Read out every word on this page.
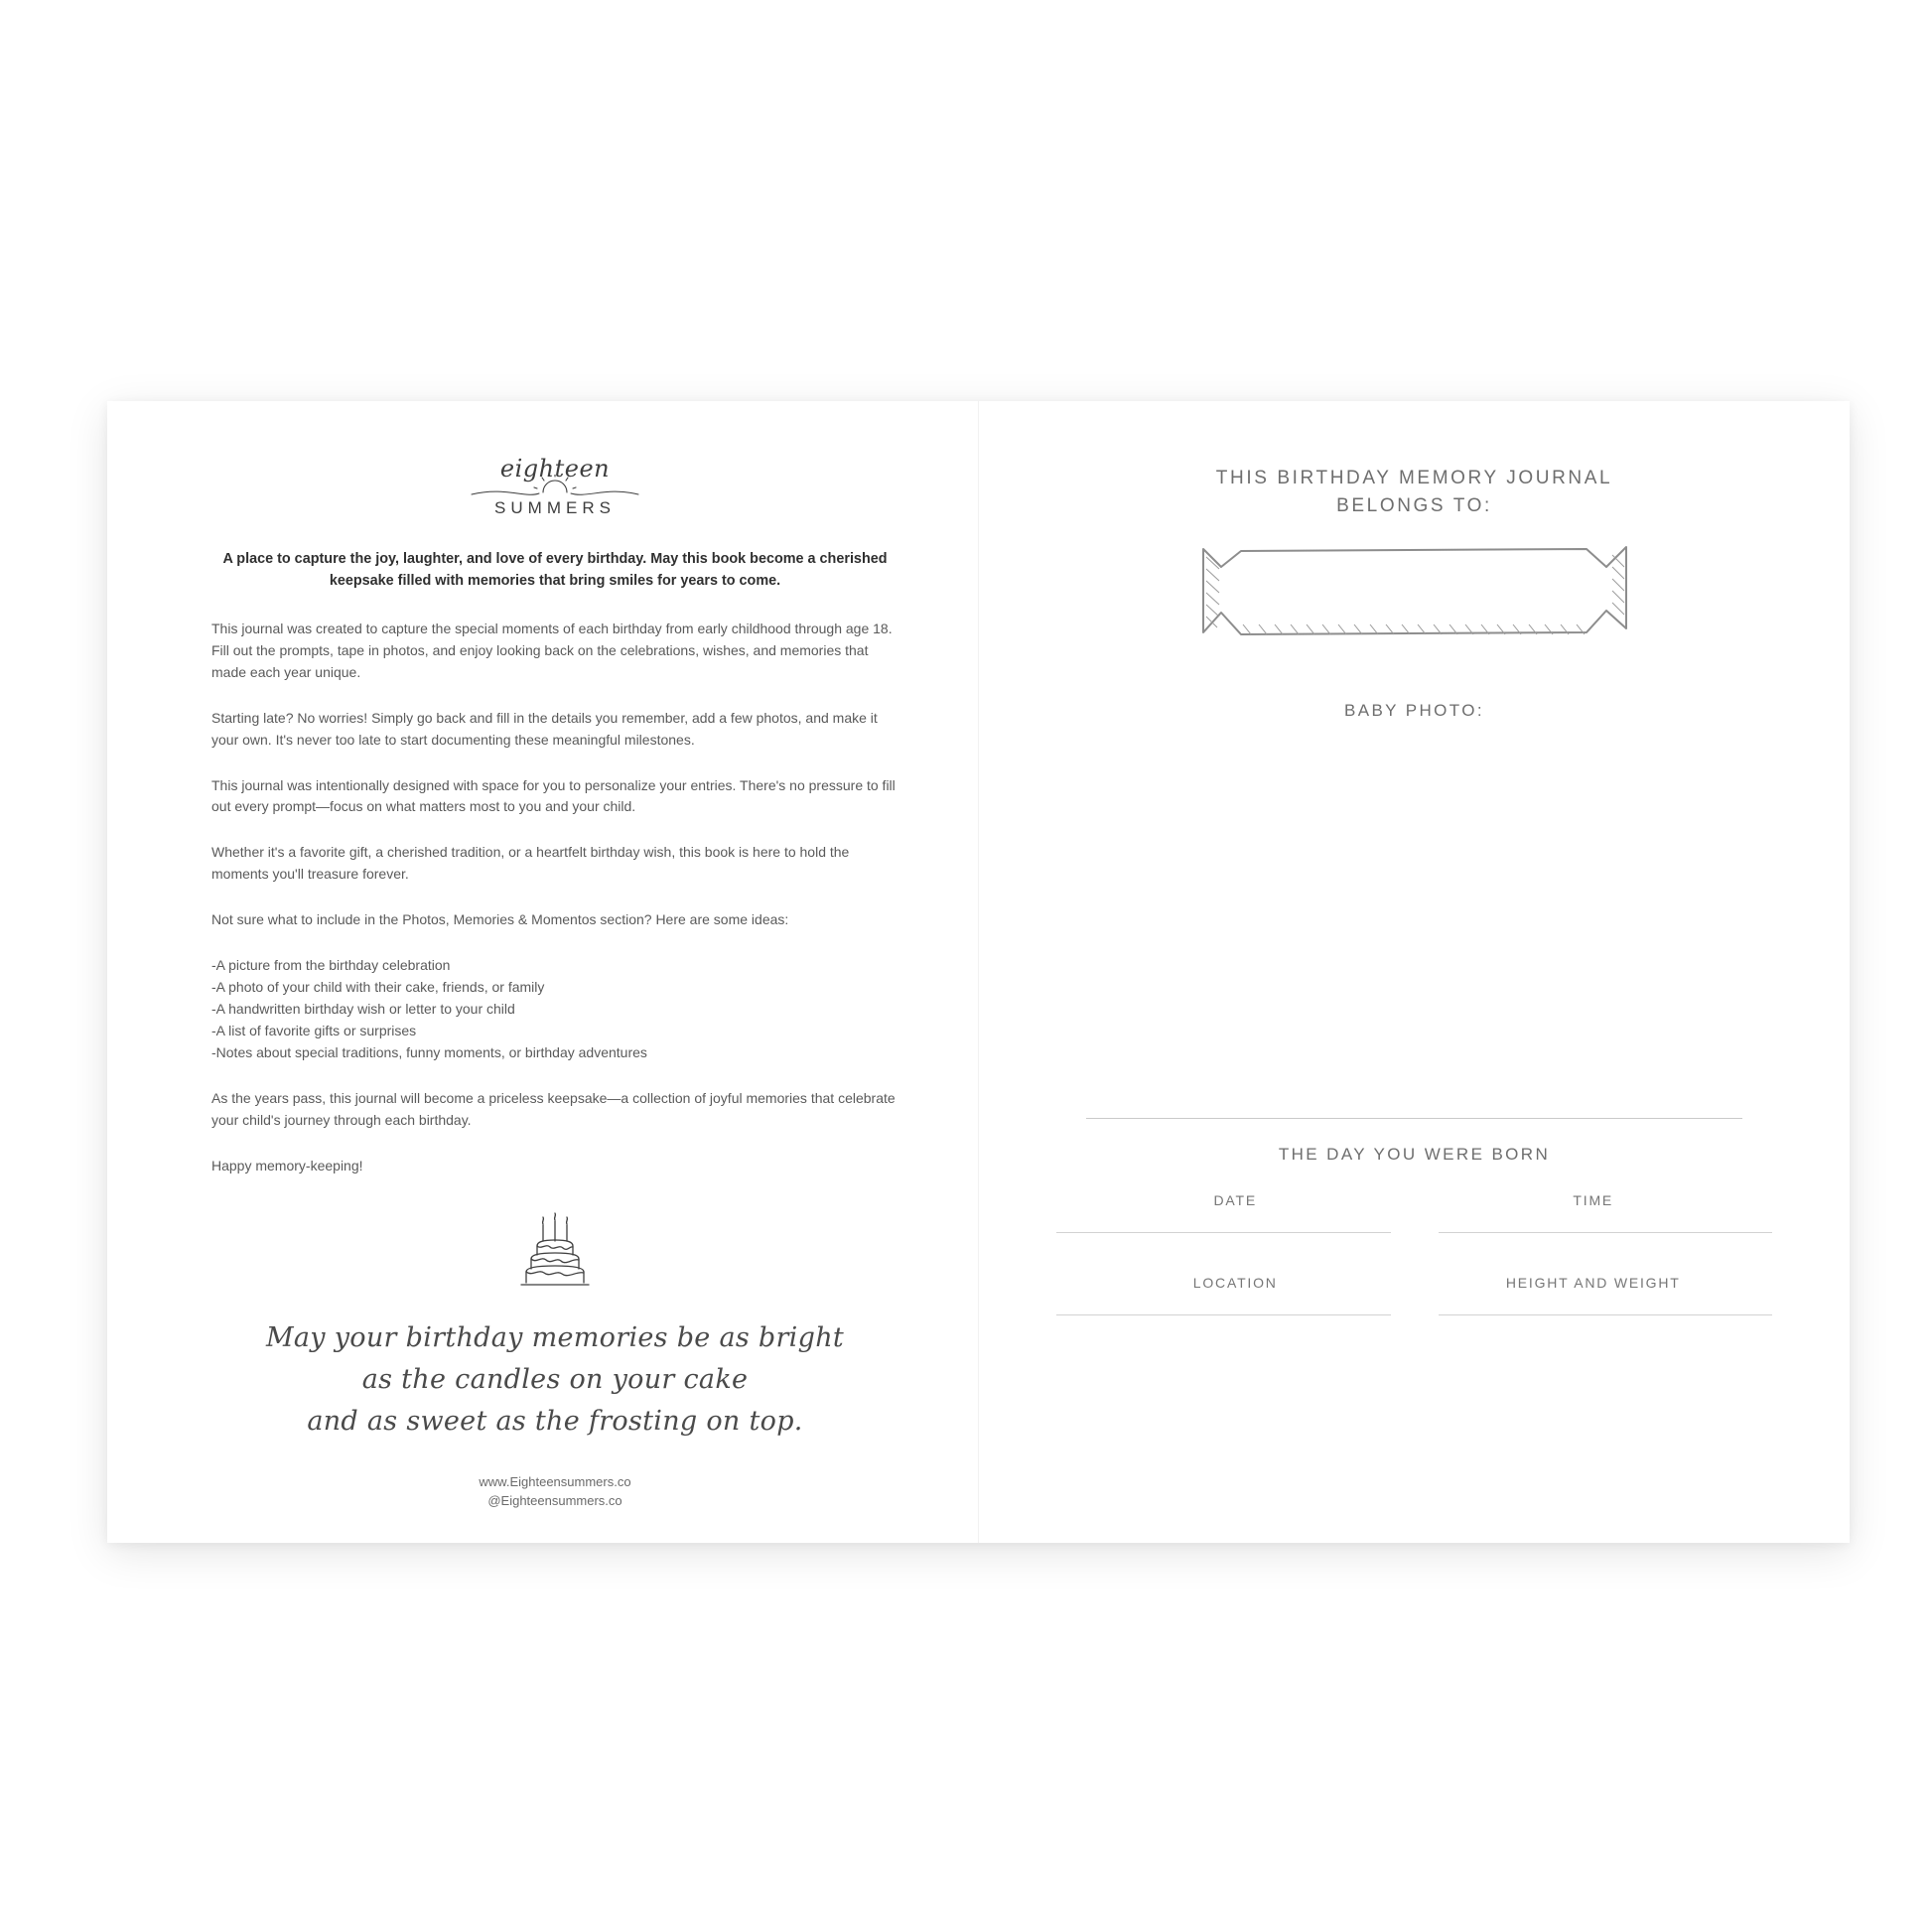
eighteen
SUMMERS
A place to capture the joy, laughter, and love of every birthday. May this book become a cherished keepsake filled with memories that bring smiles for years to come.

This journal was created to capture the special moments of each birthday from early childhood through age 18. Fill out the prompts, tape in photos, and enjoy looking back on the celebrations, wishes, and memories that made each year unique.

Starting late? No worries! Simply go back and fill in the details you remember, add a few photos, and make it your own. It's never too late to start documenting these meaningful milestones.

This journal was intentionally designed with space for you to personalize your entries. There's no pressure to fill out every prompt—focus on what matters most to you and your child.

Whether it's a favorite gift, a cherished tradition, or a heartfelt birthday wish, this book is here to hold the moments you'll treasure forever.

Not sure what to include in the Photos, Memories & Momentos section? Here are some ideas:

-A picture from the birthday celebration
-A photo of your child with their cake, friends, or family
-A handwritten birthday wish or letter to your child
-A list of favorite gifts or surprises
-Notes about special traditions, funny moments, or birthday adventures

As the years pass, this journal will become a priceless keepsake—a collection of joyful memories that celebrate your child's journey through each birthday.

Happy memory-keeping!

May your birthday memories be as bright
as the candles on your cake
and as sweet as the frosting on top.
www.Eighteensummers.co
@Eighteensummers.co
THIS BIRTHDAY MEMORY JOURNAL
BELONGS TO:
BABY PHOTO:
THE DAY YOU WERE BORN
DATE	TIME
LOCATION	HEIGHT AND WEIGHT
